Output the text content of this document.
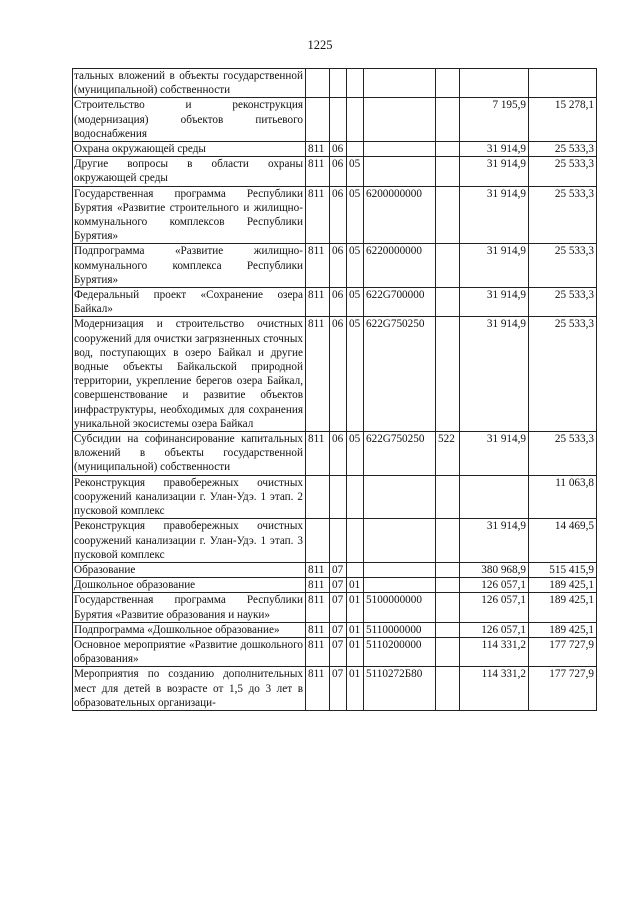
1225
тальных вложений в объекты государственной (муниципальной) собственности							
Строительство и реконструкция (модернизация) объектов питьевого водоснабжения						7 195,9	15 278,1
Охрана окружающей среды	811	06				31 914,9	25 533,3
Другие вопросы в области охраны окружающей среды	811	06	05			31 914,9	25 533,3
Государственная программа Республики Бурятия «Развитие строительного и жилищно-коммунального комплексов Республики Бурятия»	811	06	05	6200000000		31 914,9	25 533,3
Подпрограмма «Развитие жилищно-коммунального комплекса Республики Бурятия»	811	06	05	6220000000		31 914,9	25 533,3
Федеральный проект «Сохранение озера Байкал»	811	06	05	622G700000		31 914,9	25 533,3
Модернизация и строительство очистных сооружений для очистки загрязненных сточных вод, поступающих в озеро Байкал и другие водные объекты Байкальской природной территории, укрепление берегов озера Байкал, совершенствование и развитие объектов инфраструктуры, необходимых для сохранения уникальной экосистемы озера Байкал	811	06	05	622G750250		31 914,9	25 533,3
Субсидии на софинансирование капитальных вложений в объекты государственной (муниципальной) собственности	811	06	05	622G750250	522	31 914,9	25 533,3
Реконструкция правобережных очистных сооружений канализации г. Улан-Удэ. 1 этап. 2 пусковой комплекс							11 063,8
Реконструкция правобережных очистных сооружений канализации г. Улан-Удэ. 1 этап. 3 пусковой комплекс						31 914,9	14 469,5
Образование	811	07				380 968,9	515 415,9
Дошкольное образование	811	07	01			126 057,1	189 425,1
Государственная программа Республики Бурятия «Развитие образования и науки»	811	07	01	5100000000		126 057,1	189 425,1
Подпрограмма «Дошкольное образование»	811	07	01	5110000000		126 057,1	189 425,1
Основное мероприятие «Развитие дошкольного образования»	811	07	01	5110200000		114 331,2	177 727,9
Мероприятия по созданию дополнительных мест для детей в возрасте от 1,5 до 3 лет в образовательных организаци-	811	07	01	5110272Б80		114 331,2	177 727,9
